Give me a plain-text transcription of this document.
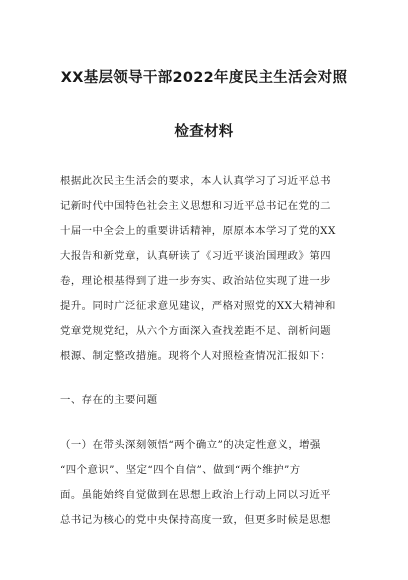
XX基层领导干部2022年度民主生活会对照
检查材料
根据此次民主生活会的要求，本人认真学习了习近平总书
记新时代中国特色社会主义思想和习近平总书记在党的二
十届一中全会上的重要讲话精神，原原本本学习了党的XX
大报告和新党章，认真研读了《习近平谈治国理政》第四
卷，理论根基得到了进一步夯实、政治站位实现了进一步
提升。同时广泛征求意见建议，严格对照党的XX大精神和
党章党规党纪，从六个方面深入查找差距不足、剖析问题
根源、制定整改措施。现将个人对照检查情况汇报如下：
一、存在的主要问题
（一）在带头深刻领悟“两个确立”的决定性意义，增强
“四个意识”、坚定“四个自信”、做到“两个维护”方
面。虽能始终自觉做到在思想上政治上行动上同以习近平
总书记为核心的党中央保持高度一致，但更多时候是思想
